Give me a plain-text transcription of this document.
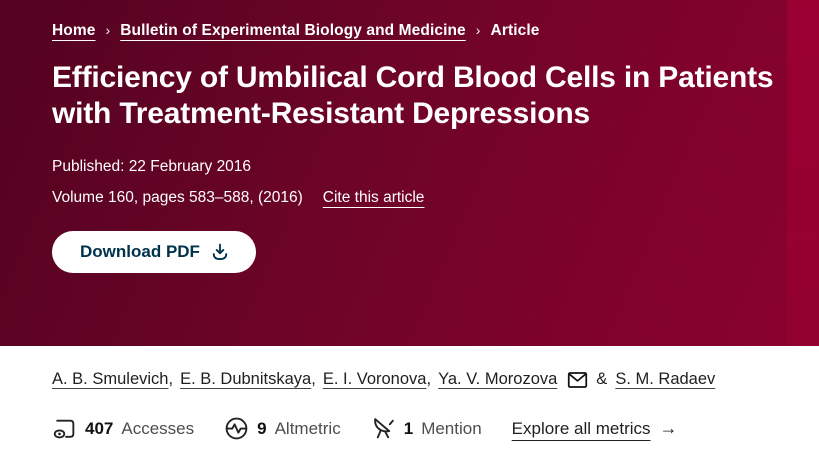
Home › Bulletin of Experimental Biology and Medicine › Article
Efficiency of Umbilical Cord Blood Cells in Patients with Treatment-Resistant Depressions
Published: 22 February 2016
Volume 160, pages 583–588, (2016) Cite this article
Download PDF
A. B. Smulevich , E. B. Dubnitskaya , E. I. Voronova , Ya. V. Morozova & S. M. Radaev
407 Accesses	9 Altmetric	1 Mention Explore all metrics →
